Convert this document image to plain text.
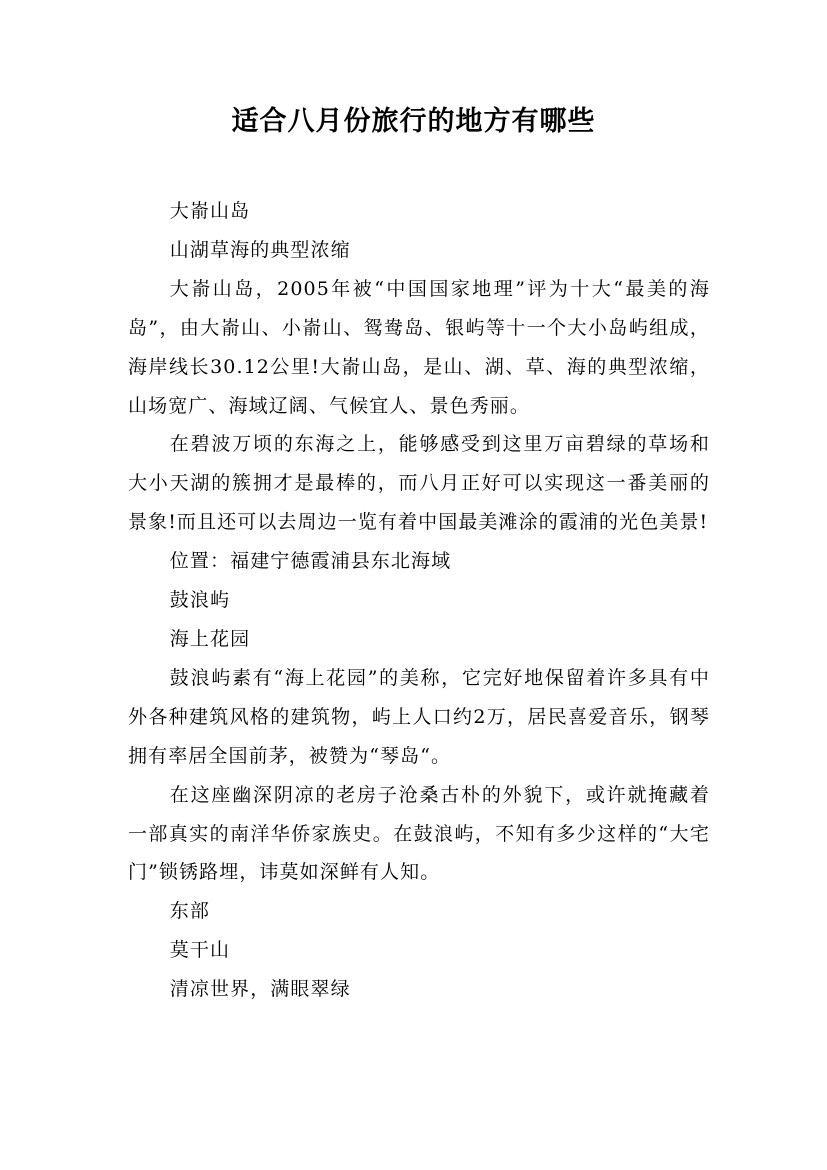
适合八月份旅行的地方有哪些

大嵛山岛

山湖草海的典型浓缩

大嵛山岛，2005年被“中国国家地理”评为十大“最美的海岛”，由大嵛山、小嵛山、鸳鸯岛、银屿等十一个大小岛屿组成，海岸线长30.12公里!大嵛山岛，是山、湖、草、海的典型浓缩，山场宽广、海域辽阔、气候宜人、景色秀丽。

在碧波万顷的东海之上，能够感受到这里万亩碧绿的草场和大小天湖的簇拥才是最棒的，而八月正好可以实现这一番美丽的景象!而且还可以去周边一览有着中国最美滩涂的霞浦的光色美景!

位置：福建宁德霞浦县东北海域

鼓浪屿

海上花园

鼓浪屿素有“海上花园”的美称，它完好地保留着许多具有中外各种建筑风格的建筑物，屿上人口约2万，居民喜爱音乐，钢琴拥有率居全国前茅，被赞为“琴岛“。

在这座幽深阴凉的老房子沧桑古朴的外貌下，或许就掩藏着一部真实的南洋华侨家族史。在鼓浪屿，不知有多少这样的“大宅门”锁锈路埋，讳莫如深鲜有人知。

东部

莫干山

清凉世界，满眼翠绿
